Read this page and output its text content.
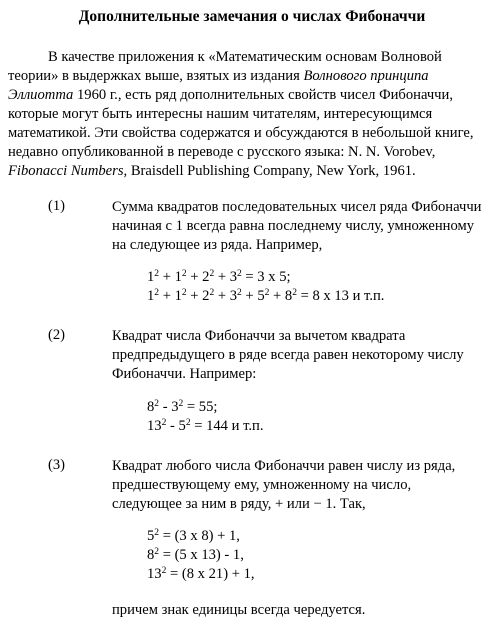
Дополнительные замечания о числах Фибоначчи
В качестве приложения к «Математическим основам Волновой
теории» в выдержках выше, взятых из издания Волнового принципа
Эллиотта 1960 г., есть ряд дополнительных свойств чисел Фибоначчи,
которые могут быть интересны нашим читателям, интересующимся
математикой. Эти свойства содержатся и обсуждаются в небольшой книге,
недавно опубликованной в переводе с русского языка: N. N. Vorobev,
Fibonacci Numbers, Braisdell Publishing Company, New York, 1961.
(1)	Сумма квадратов последовательных чисел ряда Фибоначчи
начиная с 1 всегда равна последнему числу, умноженному
на следующее из ряда. Например,
$1^2 + 1^2 + 2^2 + 3^2 = 3$ x 5;
$1^2 + 1^2 + 2^2 + 3^2 + 5^2 + 8^2 = 8$ x 13 и т.п.
(2)	Квадрат числа Фибоначчи за вычетом квадрата
предпредыдущего в ряде всегда равен некоторому числу
Фибоначчи. Например:
$8^2 - 3^2 = 55$;
$13^2 - 5^2 = 144$ и т.п.
(3)	Квадрат любого числа Фибоначчи равен числу из ряда,
предшествующему ему, умноженному на число,
следующее за ним в ряду, + или − 1. Так,
$5^2 = (3$ x 8) + 1,
$8^2 = (5$ x 13) - 1,
$13^2 = (8$ x 21) + 1,
причем знак единицы всегда чередуется.
